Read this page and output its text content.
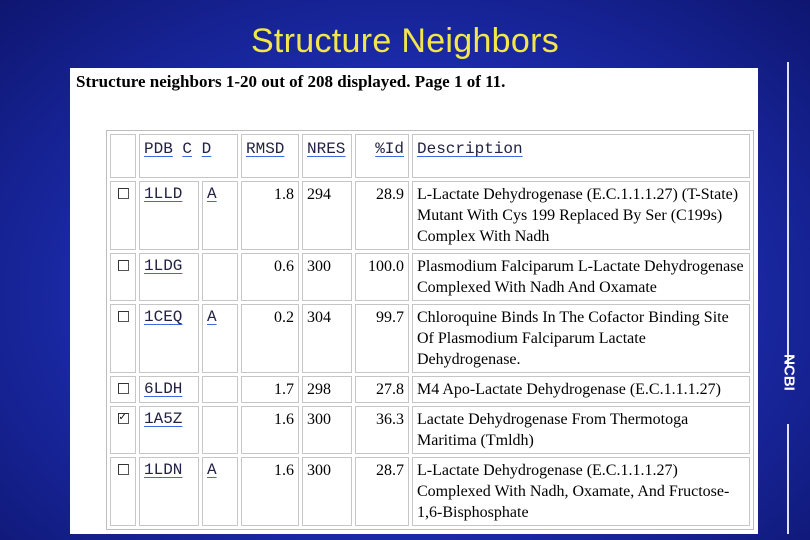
Structure Neighbors
NCBI
Structure neighbors 1-20 out of 208 displayed. Page 1 of 11.
	PDB C D		RMSD	NRES	%Id	Description
	1LLD	A	1.8	294	28.9	L-Lactate Dehydrogenase (E.C.1.1.1.27) (T-State) Mutant With Cys 199 Replaced By Ser (C199s) Complex With Nadh
	1LDG		0.6	300	100.0	Plasmodium Falciparum L-Lactate Dehydrogenase Complexed With Nadh And Oxamate
	1CEQ	A	0.2	304	99.7	Chloroquine Binds In The Cofactor Binding Site Of Plasmodium Falciparum Lactate Dehydrogenase.
	6LDH		1.7	298	27.8	M4 Apo-Lactate Dehydrogenase (E.C.1.1.1.27)

✓	1A5Z		1.6	300	36.3	Lactate Dehydrogenase From Thermotoga Maritima (Tmldh)
	1LDN	A	1.6	300	28.7	L-Lactate Dehydrogenase (E.C.1.1.1.27) Complexed With Nadh, Oxamate, And Fructose-1,6-Bisphosphate
